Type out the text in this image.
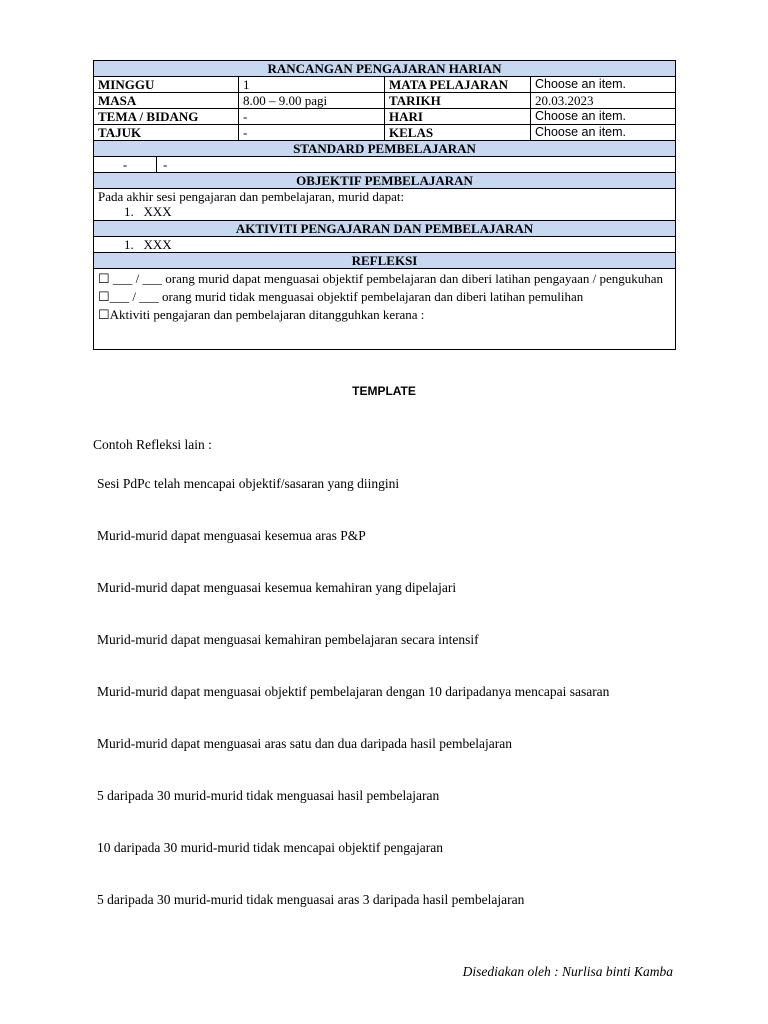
RANCANGAN PENGAJARAN HARIAN
MINGGU	1	MATA PELAJARAN	Choose an item.
MASA	8.00 – 9.00 pagi	TARIKH	20.03.2023
TEMA / BIDANG	-	HARI	Choose an item.
TAJUK	-	KELAS	Choose an item.
STANDARD PEMBELAJARAN

-	-

OBJEKTIF PEMBELAJARAN

Pada akhir sesi pengajaran dan pembelajaran, murid dapat:
1.   XXX

AKTIVITI PENGAJARAN DAN PEMBELAJARAN

1.   XXX

REFLEKSI

☐ ___ / ___ orang murid dapat menguasai objektif pembelajaran dan diberi latihan pengayaan / pengukuhan
☐___ / ___ orang murid tidak menguasai objektif pembelajaran dan diberi latihan pemulihan
☐Aktiviti pengajaran dan pembelajaran ditangguhkan kerana :
TEMPLATE
Contoh Refleksi lain :
Sesi PdPc telah mencapai objektif/sasaran yang diingini
Murid-murid dapat menguasai kesemua aras P&P
Murid-murid dapat menguasai kesemua kemahiran yang dipelajari
Murid-murid dapat menguasai kemahiran pembelajaran secara intensif
Murid-murid dapat menguasai objektif pembelajaran dengan 10 daripadanya mencapai sasaran
Murid-murid dapat menguasai aras satu dan dua daripada hasil pembelajaran
5 daripada 30 murid-murid tidak menguasai hasil pembelajaran
10 daripada 30 murid-murid tidak mencapai objektif pengajaran
5 daripada 30 murid-murid tidak menguasai aras 3 daripada hasil pembelajaran
Disediakan oleh : Nurlisa binti Kamba
